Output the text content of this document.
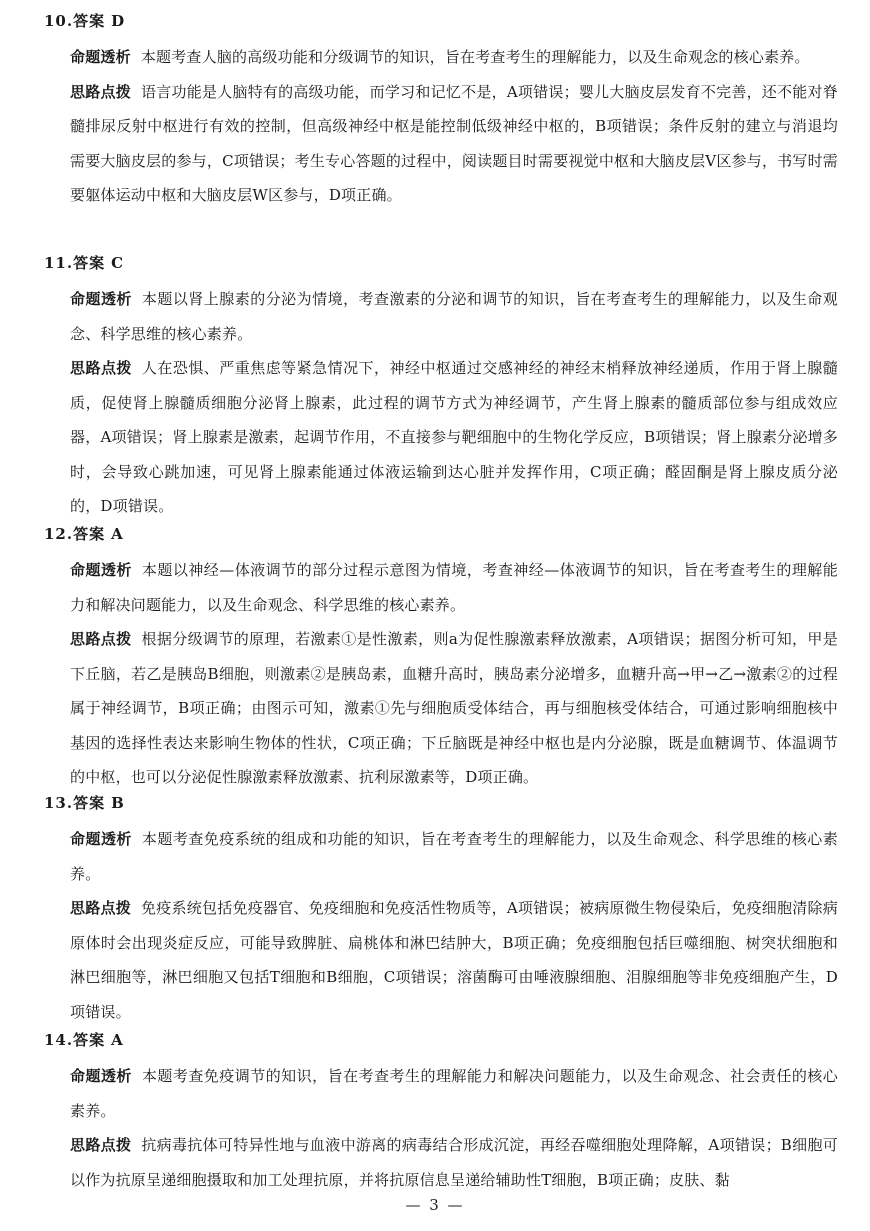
10.答案 D
命题透析 本题考查人脑的高级功能和分级调节的知识，旨在考查考生的理解能力，以及生命观念的核心素养。
思路点拨 语言功能是人脑特有的高级功能，而学习和记忆不是，A项错误；婴儿大脑皮层发育不完善，还不能对脊髓排尿反射中枢进行有效的控制，但高级神经中枢是能控制低级神经中枢的，B项错误；条件反射的建立与消退均需要大脑皮层的参与，C项错误；考生专心答题的过程中，阅读题目时需要视觉中枢和大脑皮层Ⅴ区参与，书写时需要躯体运动中枢和大脑皮层W区参与，D项正确。
11.答案 C
命题透析 本题以肾上腺素的分泌为情境，考查激素的分泌和调节的知识，旨在考查考生的理解能力，以及生命观念、科学思维的核心素养。
思路点拨 人在恐惧、严重焦虑等紧急情况下，神经中枢通过交感神经的神经末梢释放神经递质，作用于肾上腺髓质，促使肾上腺髓质细胞分泌肾上腺素，此过程的调节方式为神经调节，产生肾上腺素的髓质部位参与组成效应器，A项错误；肾上腺素是激素，起调节作用，不直接参与靶细胞中的生物化学反应，B项错误；肾上腺素分泌增多时，会导致心跳加速，可见肾上腺素能通过体液运输到达心脏并发挥作用，C项正确；醛固酮是肾上腺皮质分泌的，D项错误。
12.答案 A
命题透析 本题以神经—体液调节的部分过程示意图为情境，考查神经—体液调节的知识，旨在考查考生的理解能力和解决问题能力，以及生命观念、科学思维的核心素养。
思路点拨 根据分级调节的原理，若激素①是性激素，则a为促性腺激素释放激素，A项错误；据图分析可知，甲是下丘脑，若乙是胰岛B细胞，则激素②是胰岛素，血糖升高时，胰岛素分泌增多，血糖升高→甲→乙→激素②的过程属于神经调节，B项正确；由图示可知，激素①先与细胞质受体结合，再与细胞核受体结合，可通过影响细胞核中基因的选择性表达来影响生物体的性状，C项正确；下丘脑既是神经中枢也是内分泌腺，既是血糖调节、体温调节的中枢，也可以分泌促性腺激素释放激素、抗利尿激素等，D项正确。
13.答案 B
命题透析 本题考查免疫系统的组成和功能的知识，旨在考查考生的理解能力，以及生命观念、科学思维的核心素养。
思路点拨 免疫系统包括免疫器官、免疫细胞和免疫活性物质等，A项错误；被病原微生物侵染后，免疫细胞清除病原体时会出现炎症反应，可能导致脾脏、扁桃体和淋巴结肿大，B项正确；免疫细胞包括巨噬细胞、树突状细胞和淋巴细胞等，淋巴细胞又包括T细胞和B细胞，C项错误；溶菌酶可由唾液腺细胞、泪腺细胞等非免疫细胞产生，D项错误。
14.答案 A
命题透析 本题考查免疫调节的知识，旨在考查考生的理解能力和解决问题能力，以及生命观念、社会责任的核心素养。
思路点拨 抗病毒抗体可特异性地与血液中游离的病毒结合形成沉淀，再经吞噬细胞处理降解，A项错误；B细胞可以作为抗原呈递细胞摄取和加工处理抗原，并将抗原信息呈递给辅助性T细胞，B项正确；皮肤、黏
— 3 —
